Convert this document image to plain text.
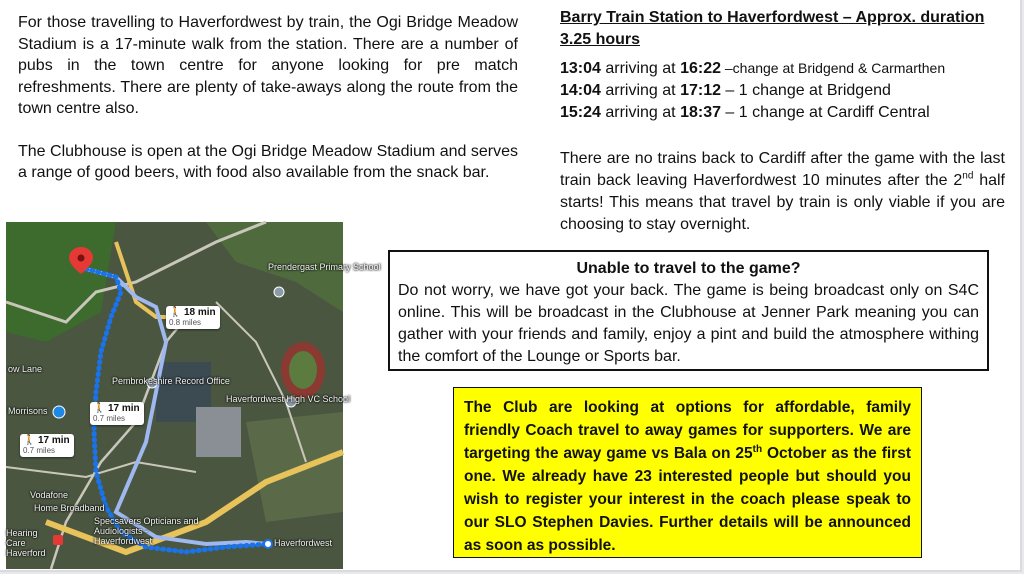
For those travelling to Haverfordwest by train, the Ogi Bridge Meadow Stadium is a 17-minute walk from the station. There are a number of pubs in the town centre for anyone looking for pre match refreshments. There are plenty of take-aways along the route from the town centre also.

The Clubhouse is open at the Ogi Bridge Meadow Stadium and serves a range of good beers, with food also available from the snack bar.

Barry Train Station to Haverfordwest – Approx. duration 3.25 hours
13:04 arriving at 16:22 –change at Bridgend & Carmarthen
14:04 arriving at 17:12 – 1 change at Bridgend
15:24 arriving at 18:37 – 1 change at Cardiff Central
There are no trains back to Cardiff after the game with the last train back leaving Haverfordwest 10 minutes after the 2nd half starts! This means that travel by train is only viable if you are choosing to stay overnight.
Unable to travel to the game?
Do not worry, we have got your back. The game is being broadcast only on S4C online. This will be broadcast in the Clubhouse at Jenner Park meaning you can gather with your friends and family, enjoy a pint and build the atmosphere withing the comfort of the Lounge or Sports bar.
The Club are looking at options for affordable, family friendly Coach travel to away games for supporters. We are targeting the away game vs Bala on 25th October as the first one. We already have 23 interested people but should you wish to register your interest in the coach please speak to our SLO Stephen Davies. Further details will be announced as soon as possible.
Prendergast Primary School
Pembrokeshire Record Office
Haverfordwest High VC School
Morrisons
ow Lane
Vodafone
Home Broadband
Specsavers Opticians and Audiologists - Haverfordwest	Haverfordwest
Hearing Care Haverford
🚶 18 min
0.8 miles
🚶 17 min
0.7 miles
🚶 17 min
0.7 miles
